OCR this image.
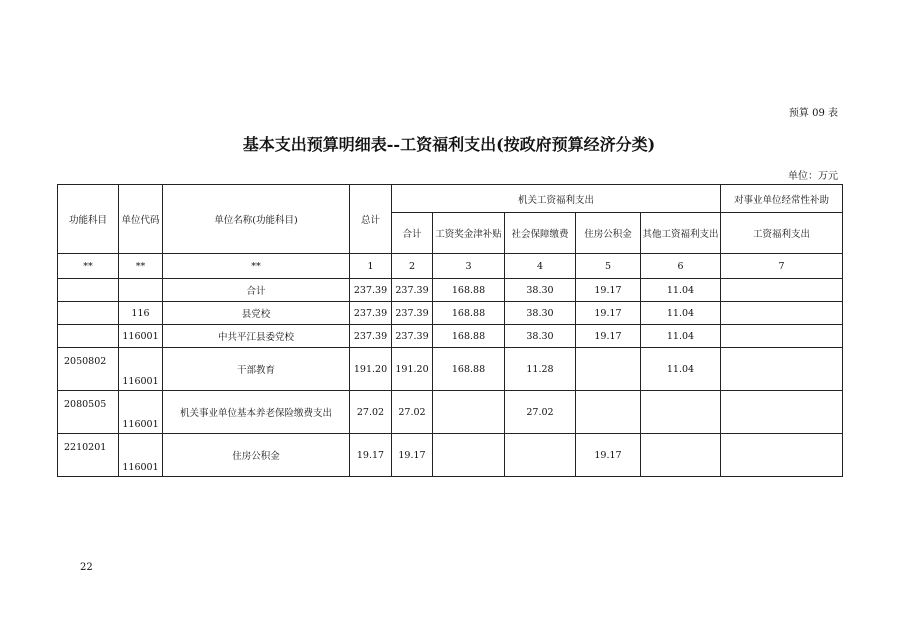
预算 09 表
基本支出预算明细表--工资福利支出(按政府预算经济分类)
单位：万元
功能科目	单位代码	单位名称(功能科目)	总计	机关工资福利支出					对事业单位经常性补助
				合计	工资奖金津补贴	社会保障缴费	住房公积金	其他工资福利支出	工资福利支出
**	**	**	1	2	3	4	5	6	7
		合计	237.39	237.39	168.88	38.30	19.17	11.04	
	116	县党校	237.39	237.39	168.88	38.30	19.17	11.04	
	116001	中共平江县委党校	237.39	237.39	168.88	38.30	19.17	11.04	
2050802	116001	干部教育	191.20	191.20	168.88	11.28		11.04	
2080505	116001	机关事业单位基本养老保险缴费支出	27.02	27.02		27.02			
2210201	116001	住房公积金	19.17	19.17			19.17		
22
